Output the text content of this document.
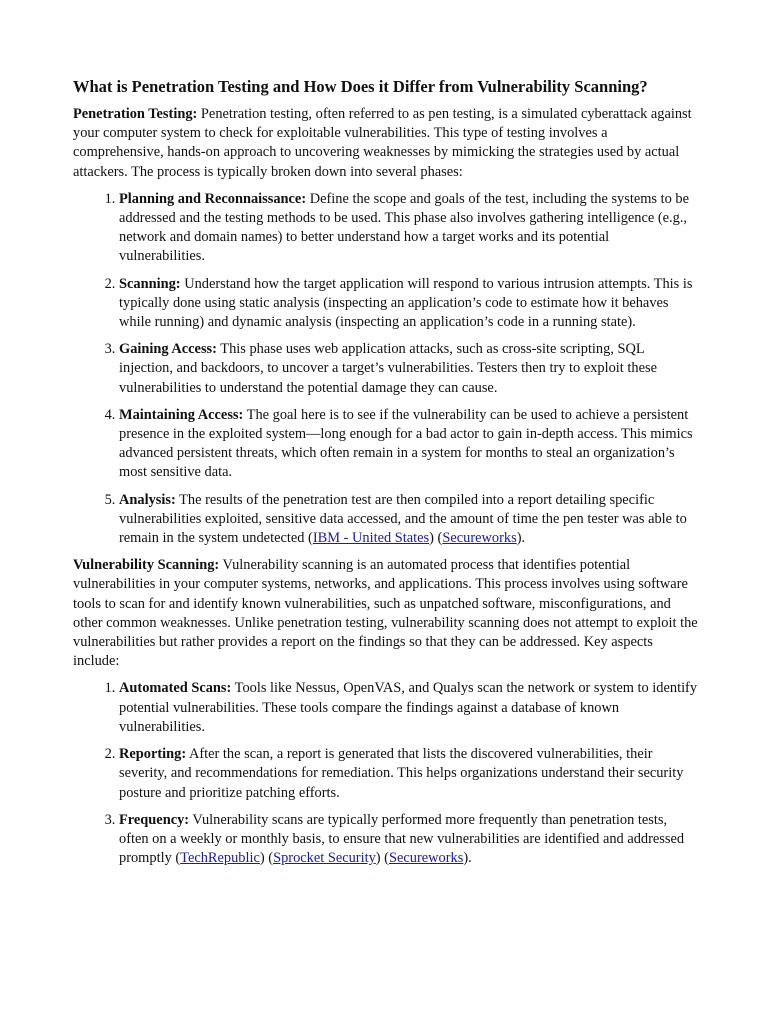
What is Penetration Testing and How Does it Differ from Vulnerability Scanning?

Penetration Testing: Penetration testing, often referred to as pen testing, is a simulated cyberattack against your computer system to check for exploitable vulnerabilities. This type of testing involves a comprehensive, hands-on approach to uncovering weaknesses by mimicking the strategies used by actual attackers. The process is typically broken down into several phases:

1. Planning and Reconnaissance: Define the scope and goals of the test, including the systems to be addressed and the testing methods to be used. This phase also involves gathering intelligence (e.g., network and domain names) to better understand how a target works and its potential vulnerabilities.
2. Scanning: Understand how the target application will respond to various intrusion attempts. This is typically done using static analysis (inspecting an application’s code to estimate how it behaves while running) and dynamic analysis (inspecting an application’s code in a running state).
3. Gaining Access: This phase uses web application attacks, such as cross-site scripting, SQL injection, and backdoors, to uncover a target’s vulnerabilities. Testers then try to exploit these vulnerabilities to understand the potential damage they can cause.
4. Maintaining Access: The goal here is to see if the vulnerability can be used to achieve a persistent presence in the exploited system—long enough for a bad actor to gain in-depth access. This mimics advanced persistent threats, which often remain in a system for months to steal an organization’s most sensitive data.
5. Analysis: The results of the penetration test are then compiled into a report detailing specific vulnerabilities exploited, sensitive data accessed, and the amount of time the pen tester was able to remain in the system undetected (IBM - United States) (Secureworks).

Vulnerability Scanning: Vulnerability scanning is an automated process that identifies potential vulnerabilities in your computer systems, networks, and applications. This process involves using software tools to scan for and identify known vulnerabilities, such as unpatched software, misconfigurations, and other common weaknesses. Unlike penetration testing, vulnerability scanning does not attempt to exploit the vulnerabilities but rather provides a report on the findings so that they can be addressed. Key aspects include:

1. Automated Scans: Tools like Nessus, OpenVAS, and Qualys scan the network or system to identify potential vulnerabilities. These tools compare the findings against a database of known vulnerabilities.
2. Reporting: After the scan, a report is generated that lists the discovered vulnerabilities, their severity, and recommendations for remediation. This helps organizations understand their security posture and prioritize patching efforts.
3. Frequency: Vulnerability scans are typically performed more frequently than penetration tests, often on a weekly or monthly basis, to ensure that new vulnerabilities are identified and addressed promptly (TechRepublic) (Sprocket Security) (Secureworks).
